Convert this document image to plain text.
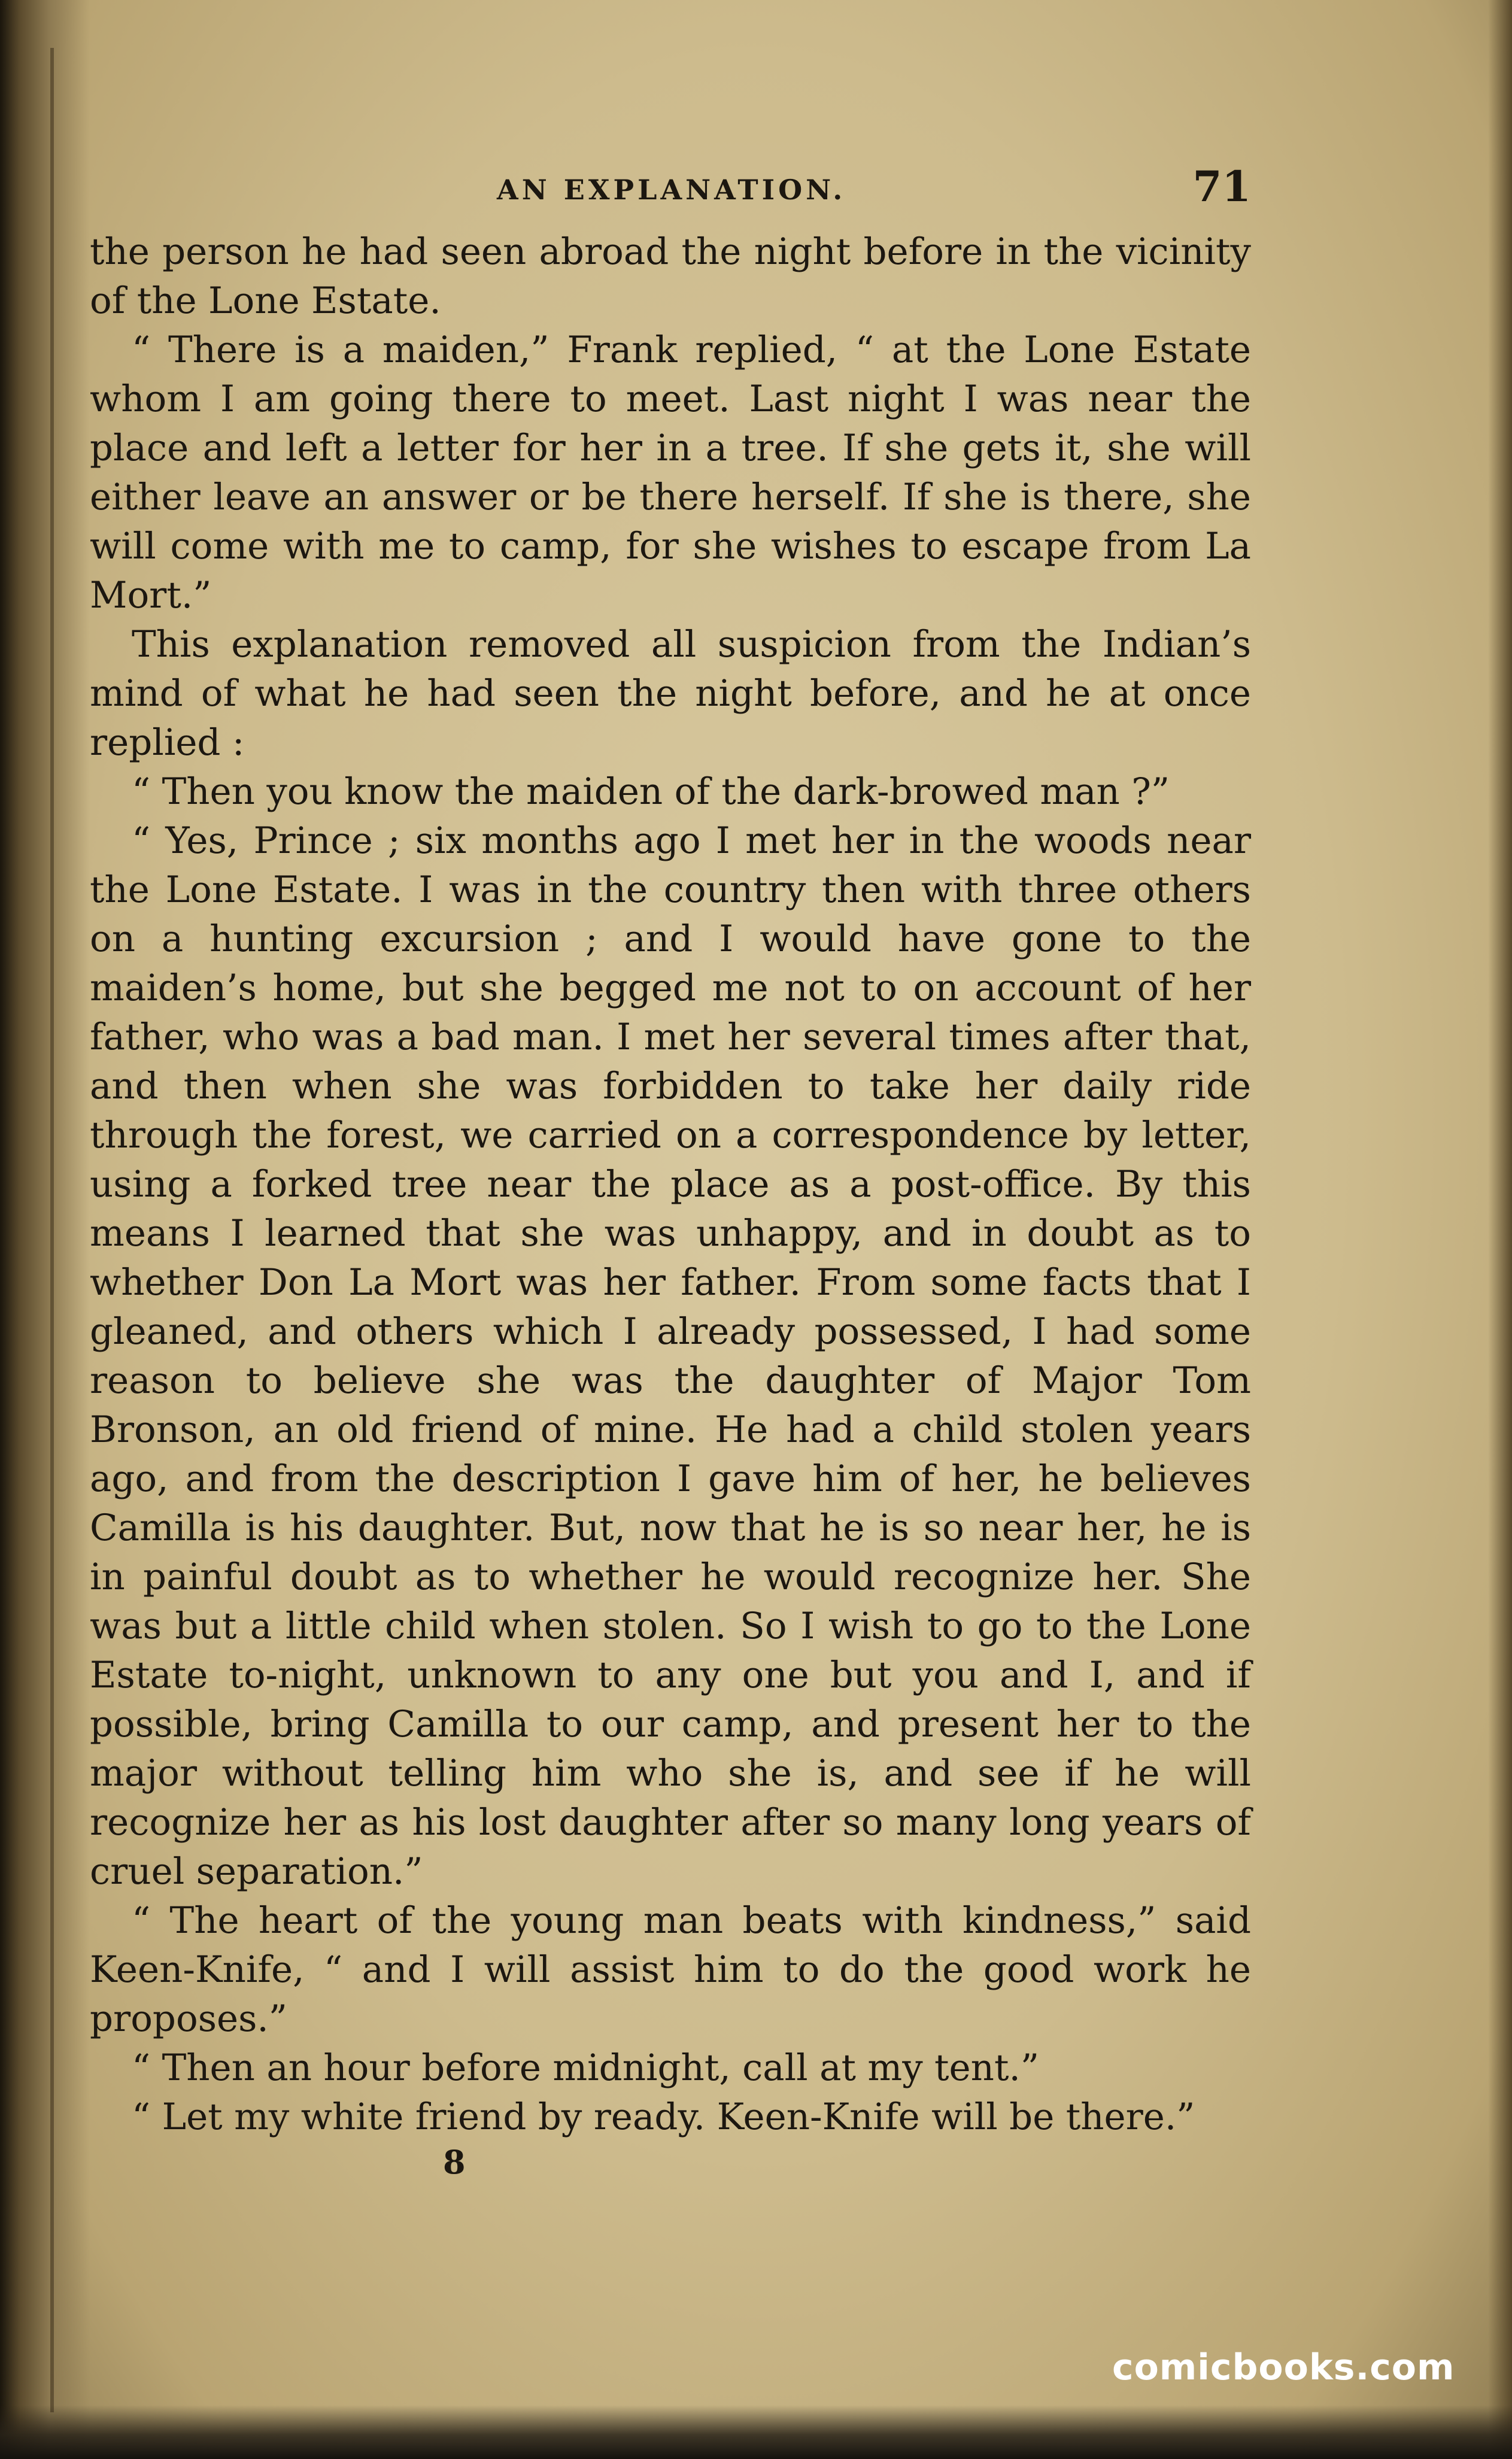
AN EXPLANATION.	71

the person he had seen abroad the night before in the vicinity of the Lone Estate.

“ There is a maiden,” Frank replied, “ at the Lone Estate whom I am going there to meet. Last night I was near the place and left a letter for her in a tree. If she gets it, she will either leave an answer or be there herself. If she is there, she will come with me to camp, for she wishes to escape from La Mort.”

This explanation removed all suspicion from the Indian’s mind of what he had seen the night before, and he at once replied :

“ Then you know the maiden of the dark-browed man ?”

“ Yes, Prince ; six months ago I met her in the woods near the Lone Estate. I was in the country then with three others on a hunting excursion ; and I would have gone to the maiden’s home, but she begged me not to on account of her father, who was a bad man. I met her several times after that, and then when she was forbidden to take her daily ride through the forest, we carried on a correspondence by letter, using a forked tree near the place as a post-office. By this means I learned that she was unhappy, and in doubt as to whether Don La Mort was her father. From some facts that I gleaned, and others which I already possessed, I had some reason to believe she was the daughter of Major Tom Bronson, an old friend of mine. He had a child stolen years ago, and from the description I gave him of her, he believes Camilla is his daughter. But, now that he is so near her, he is in painful doubt as to whether he would recognize her. She was but a little child when stolen. So I wish to go to the Lone Estate to-night, unknown to any one but you and I, and if possible, bring Camilla to our camp, and present her to the major without telling him who she is, and see if he will recognize her as his lost daughter after so many long years of cruel separation.”

“ The heart of the young man beats with kindness,” said Keen-Knife, “ and I will assist him to do the good work he proposes.”

“ Then an hour before midnight, call at my tent.”

“ Let my white friend by ready. Keen-Knife will be there.”

8
comicbooks.com
